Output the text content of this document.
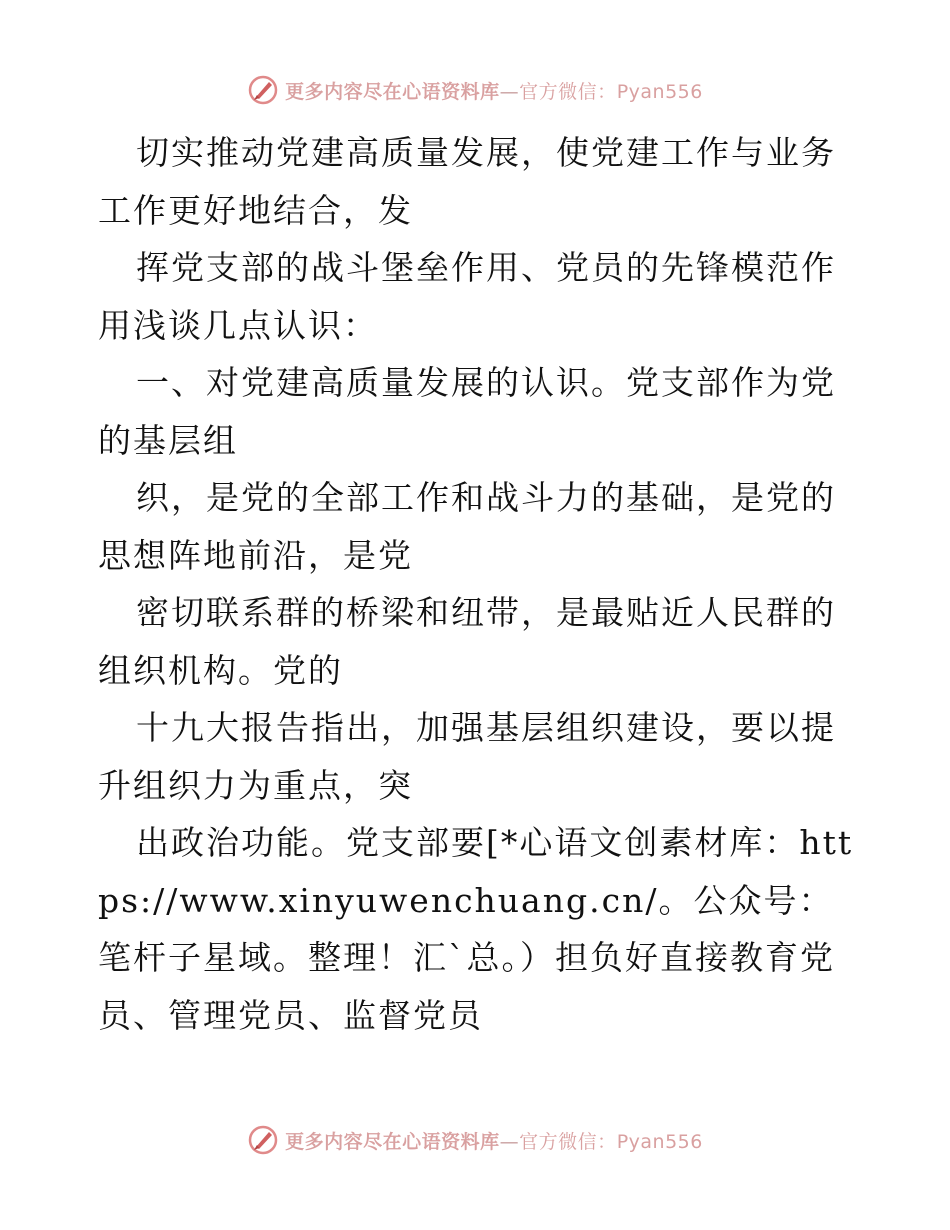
更多内容尽在心语资料库—官方微信：Pyan556

切实推动党建高质量发展，使党建工作与业务工作更好地结合，发

挥党支部的战斗堡垒作用、党员的先锋模范作用浅谈几点认识：

一、对党建高质量发展的认识。党支部作为党的基层组

织，是党的全部工作和战斗力的基础，是党的思想阵地前沿，是党

密切联系群的桥梁和纽带，是最贴近人民群的组织机构。党的

十九大报告指出，加强基层组织建设，要以提升组织力为重点，突

出政治功能。党支部要[*心语文创素材库：https://www.xinyuwenchuang.cn/。公众号：笔杆子星域。整理！汇`总。）担负好直接教育党员、管理党员、监督党员

更多内容尽在心语资料库—官方微信：Pyan556
